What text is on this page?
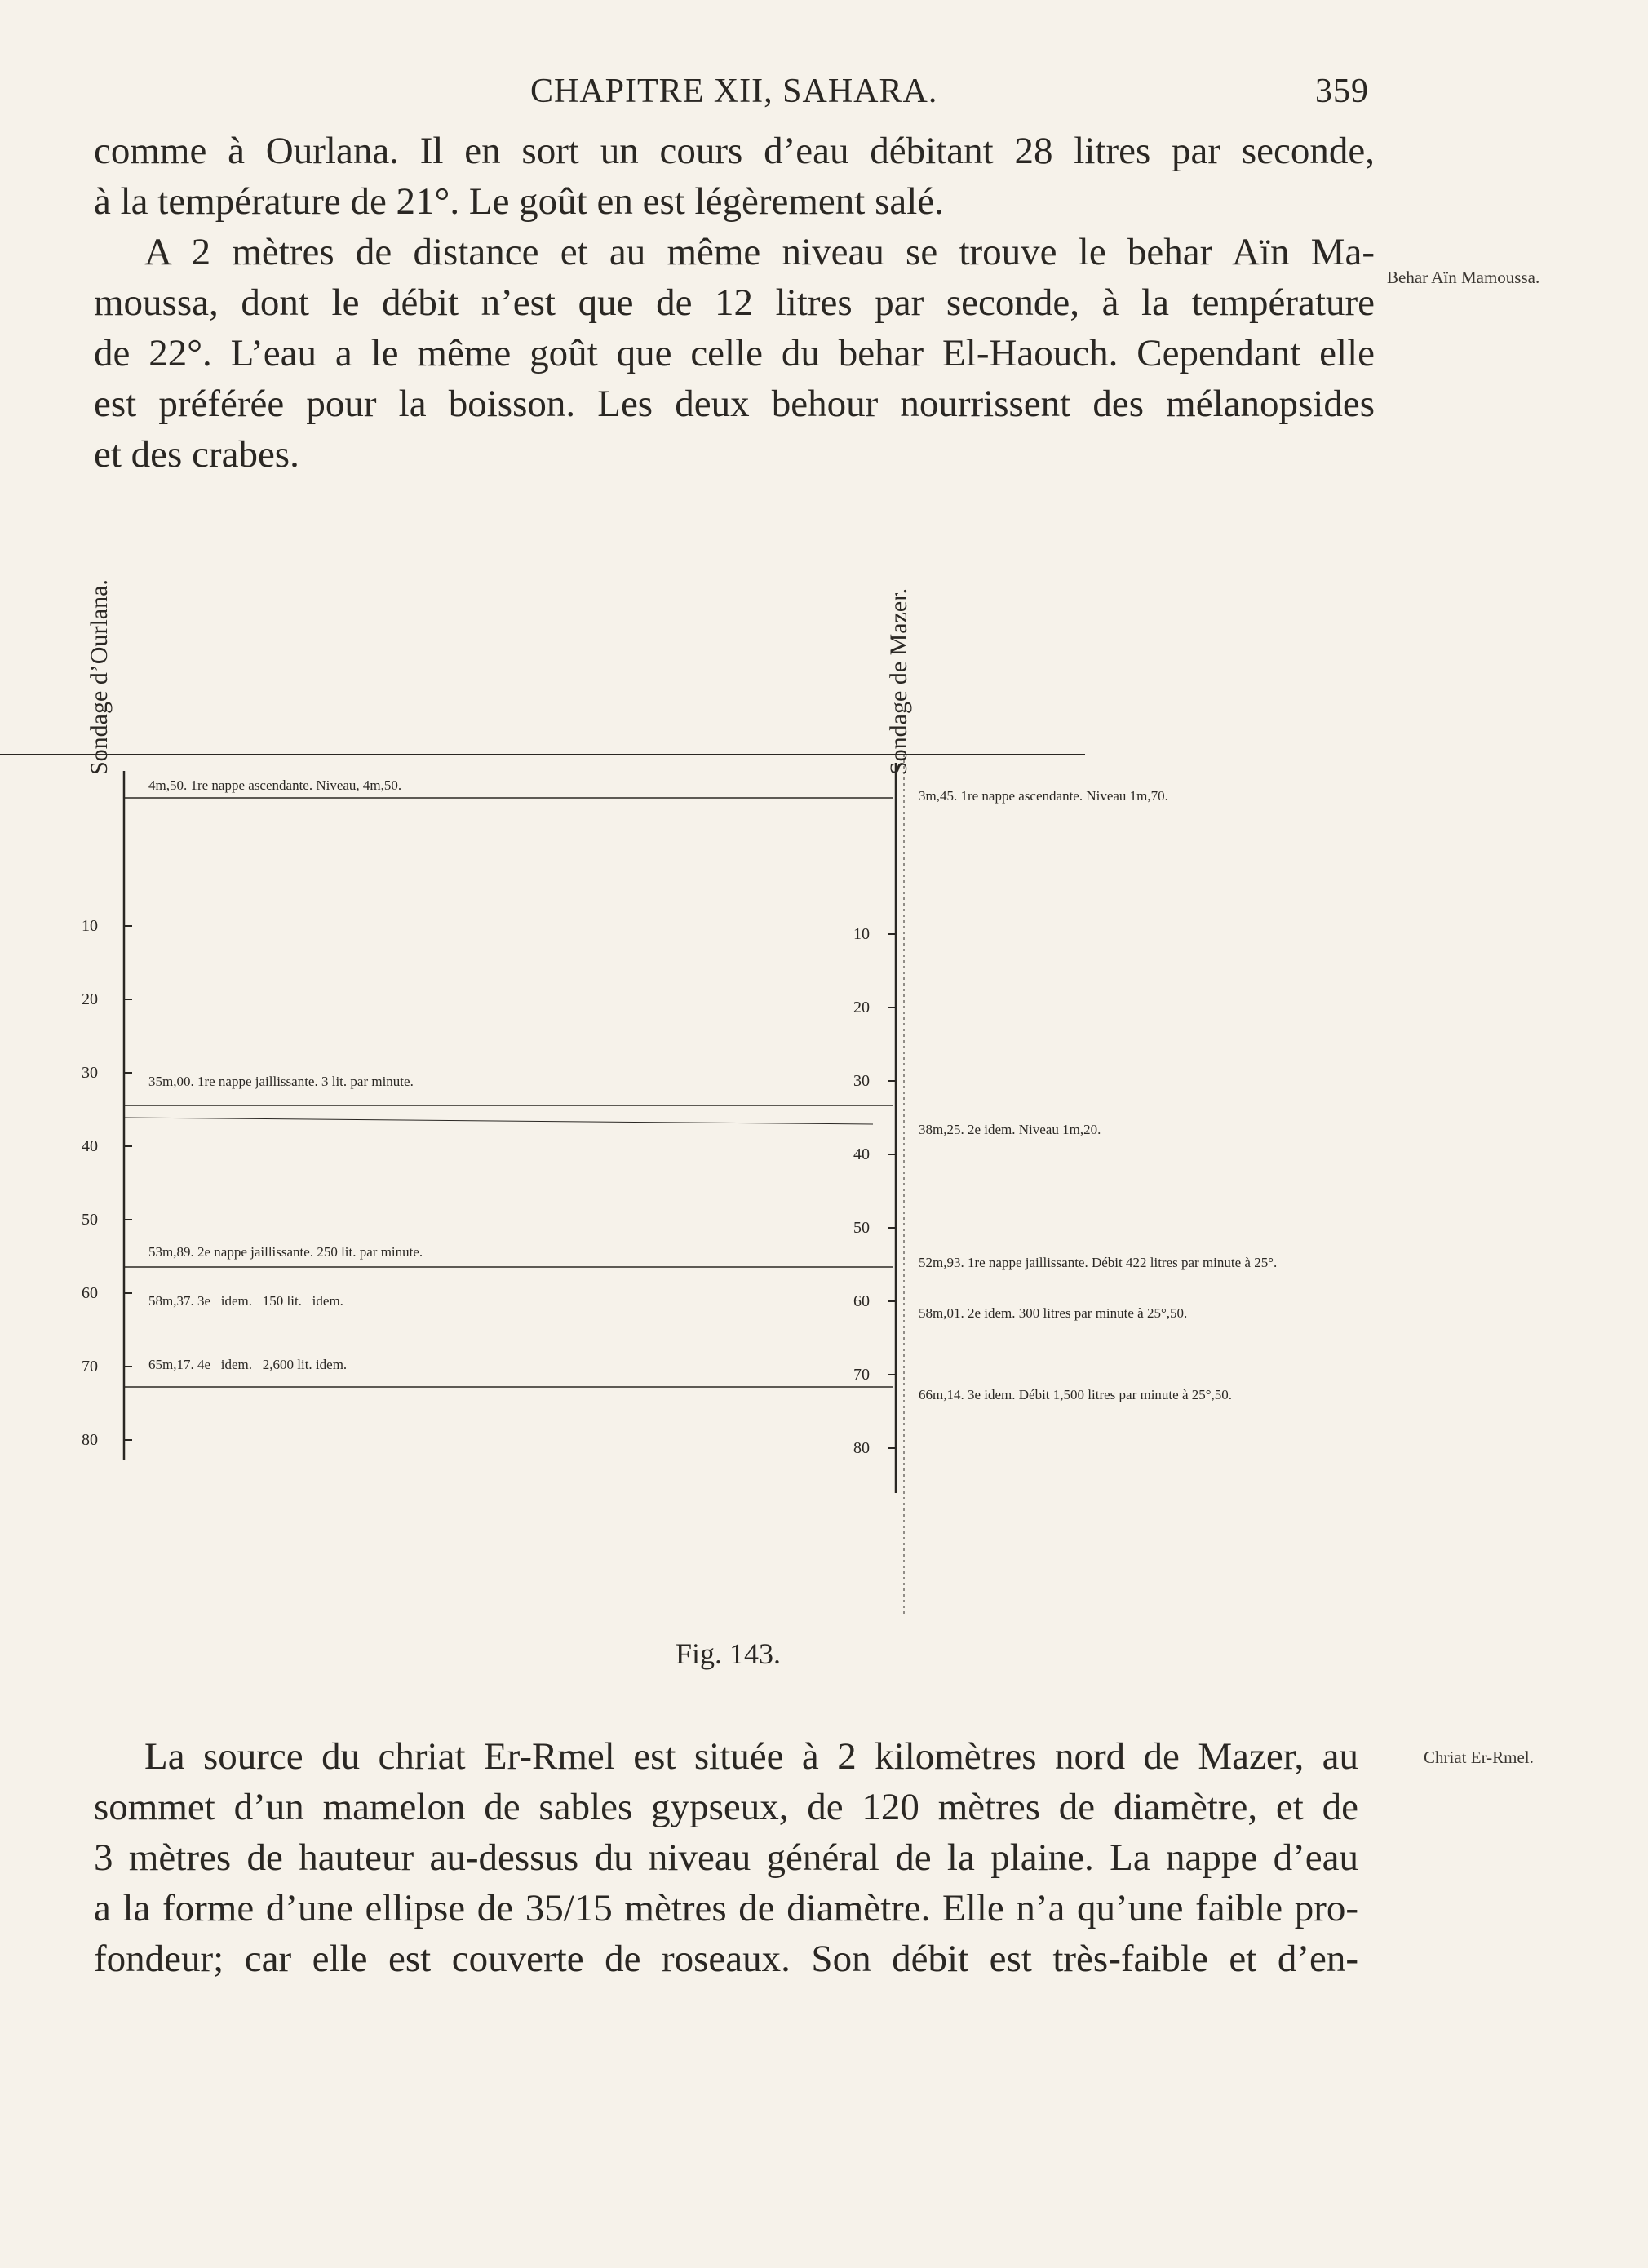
CHAPITRE XII, SAHARA.	359
comme à Ourlana. Il en sort un cours d’eau débitant 28 litres par seconde,
à la température de 21°. Le goût en est légèrement salé.
A 2 mètres de distance et au même niveau se trouve le behar Aïn Ma-
moussa, dont le débit n’est que de 12 litres par seconde, à la température
de 22°. L’eau a le même goût que celle du behar El-Haouch. Cependant elle
est préférée pour la boisson. Les deux behour nourrissent des mélanopsides
et des crabes.
Behar Aïn Mamoussa.
10
20
30
40
50
60
70
80
10
20
30
40
50
60
70
80
Sondage d’Ourlana.	Sondage de Mazer.
4m,50. 1re nappe ascendante. Niveau, 4m,50.
35m,00. 1re nappe jaillissante. 3 lit. par minute.
53m,89. 2e nappe jaillissante. 250 lit. par minute.
58m,37. 3e   idem.   150 lit.   idem.
65m,17. 4e   idem.   2,600 lit. idem.
3m,45. 1re nappe ascendante. Niveau 1m,70.
38m,25. 2e idem. Niveau 1m,20.
52m,93. 1re nappe jaillissante. Débit 422 litres par minute à 25°.
58m,01. 2e idem. 300 litres par minute à 25°,50.
66m,14. 3e idem. Débit 1,500 litres par minute à 25°,50.
Fig. 143.
La source du chriat Er-Rmel est située à 2 kilomètres nord de Mazer, au
sommet d’un mamelon de sables gypseux, de 120 mètres de diamètre, et de
3 mètres de hauteur au-dessus du niveau général de la plaine. La nappe d’eau
a la forme d’une ellipse de 35/15 mètres de diamètre. Elle n’a qu’une faible pro-
fondeur; car elle est couverte de roseaux. Son débit est très-faible et d’en-
Chriat Er-Rmel.
